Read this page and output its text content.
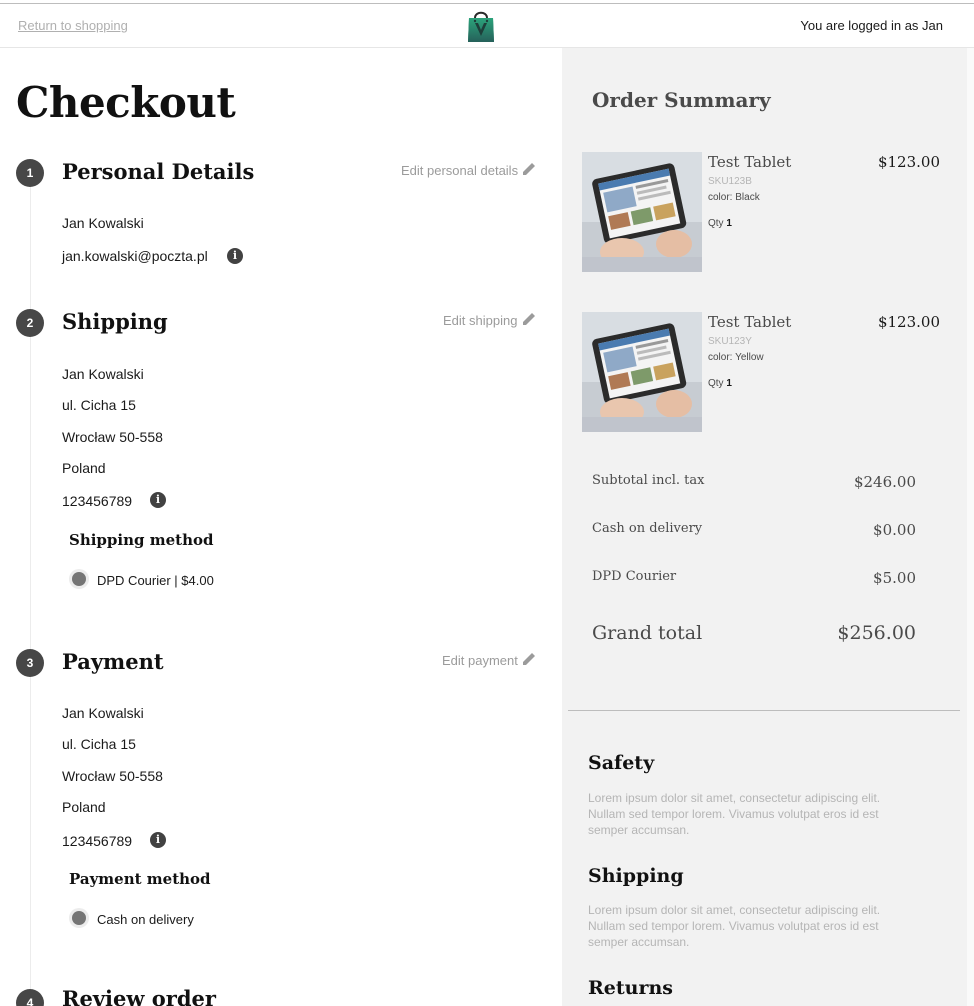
Return to shopping	You are logged in as Jan
Checkout
1	Personal Details	Edit personal details
Jan Kowalski
jan.kowalski@poczta.pl	i
2	Shipping	Edit shipping
Jan Kowalski
ul. Cicha 15
Wrocław 50-558
Poland
123456789	i
Shipping method
DPD Courier | $4.00
3	Payment	Edit payment
Jan Kowalski
ul. Cicha 15
Wrocław 50-558
Poland
123456789	i
Payment method
Cash on delivery
4	Review order
Order Summary
Test Tablet	$123.00
SKU123B
color: Black
Qty 1
Test Tablet	$123.00
SKU123Y
color: Yellow
Qty 1
Subtotal incl. tax	$246.00
Cash on delivery	$0.00
DPD Courier	$5.00
Grand total	$256.00
Safety
Lorem ipsum dolor sit amet, consectetur adipiscing elit. Nullam sed tempor lorem. Vivamus volutpat eros id est semper accumsan.
Shipping
Lorem ipsum dolor sit amet, consectetur adipiscing elit. Nullam sed tempor lorem. Vivamus volutpat eros id est semper accumsan.
Returns
